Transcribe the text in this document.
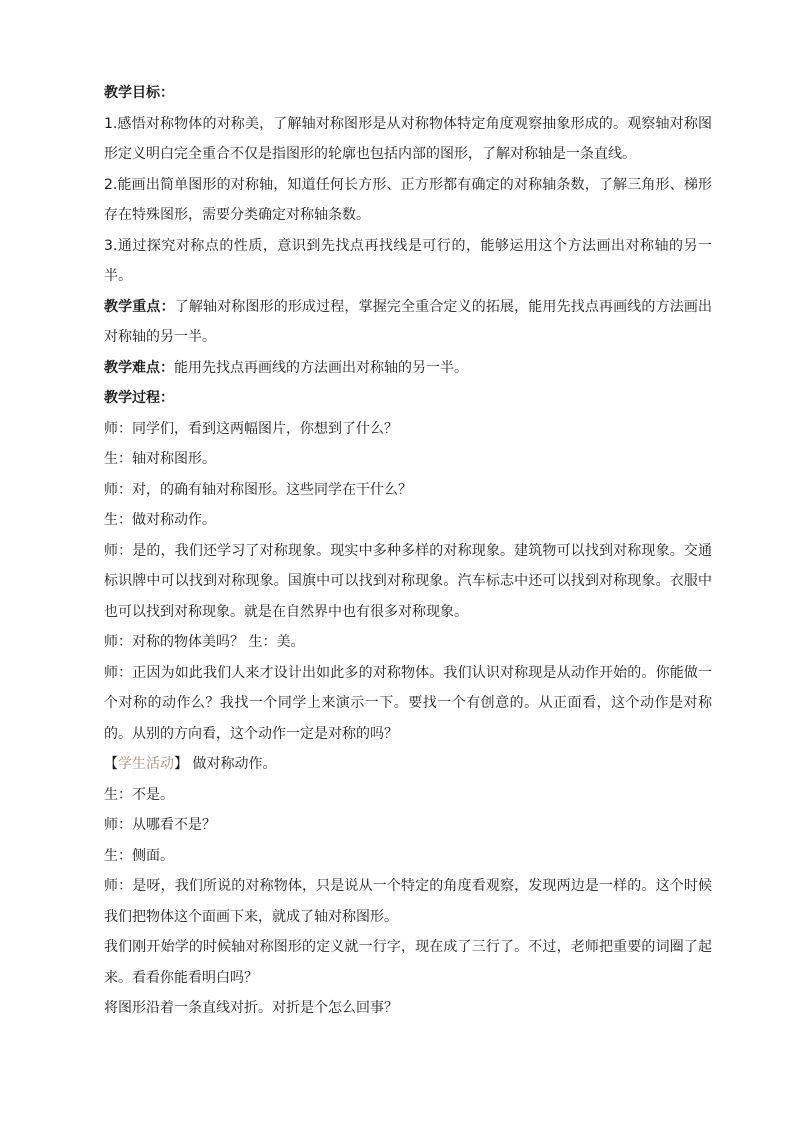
教学目标：

1.感悟对称物体的对称美，了解轴对称图形是从对称物体特定角度观察抽象形成的。观察轴对称图形定义明白完全重合不仅是指图形的轮廓也包括内部的图形，了解对称轴是一条直线。

2.能画出简单图形的对称轴，知道任何长方形、正方形都有确定的对称轴条数，了解三角形、梯形存在特殊图形，需要分类确定对称轴条数。

3.通过探究对称点的性质，意识到先找点再找线是可行的，能够运用这个方法画出对称轴的另一半。

教学重点：了解轴对称图形的形成过程，掌握完全重合定义的拓展，能用先找点再画线的方法画出对称轴的另一半。

教学难点：能用先找点再画线的方法画出对称轴的另一半。

教学过程：

师：同学们，看到这两幅图片，你想到了什么？

生：轴对称图形。

师：对，的确有轴对称图形。这些同学在干什么？

生：做对称动作。

师：是的，我们还学习了对称现象。现实中多种多样的对称现象。建筑物可以找到对称现象。交通标识牌中可以找到对称现象。国旗中可以找到对称现象。汽车标志中还可以找到对称现象。衣服中也可以找到对称现象。就是在自然界中也有很多对称现象。

师：对称的物体美吗？ 生：美。

师：正因为如此我们人来才设计出如此多的对称物体。我们认识对称现是从动作开始的。你能做一个对称的动作么？我找一个同学上来演示一下。要找一个有创意的。从正面看，这个动作是对称的。从别的方向看，这个动作一定是对称的吗？

【学生活动】 做对称动作。

生：不是。

师：从哪看不是？

生：侧面。

师：是呀，我们所说的对称物体，只是说从一个特定的角度看观察，发现两边是一样的。这个时候我们把物体这个面画下来，就成了轴对称图形。

我们刚开始学的时候轴对称图形的定义就一行字，现在成了三行了。不过，老师把重要的词圈了起来。看看你能看明白吗？

将图形沿着一条直线对折。对折是个怎么回事？
